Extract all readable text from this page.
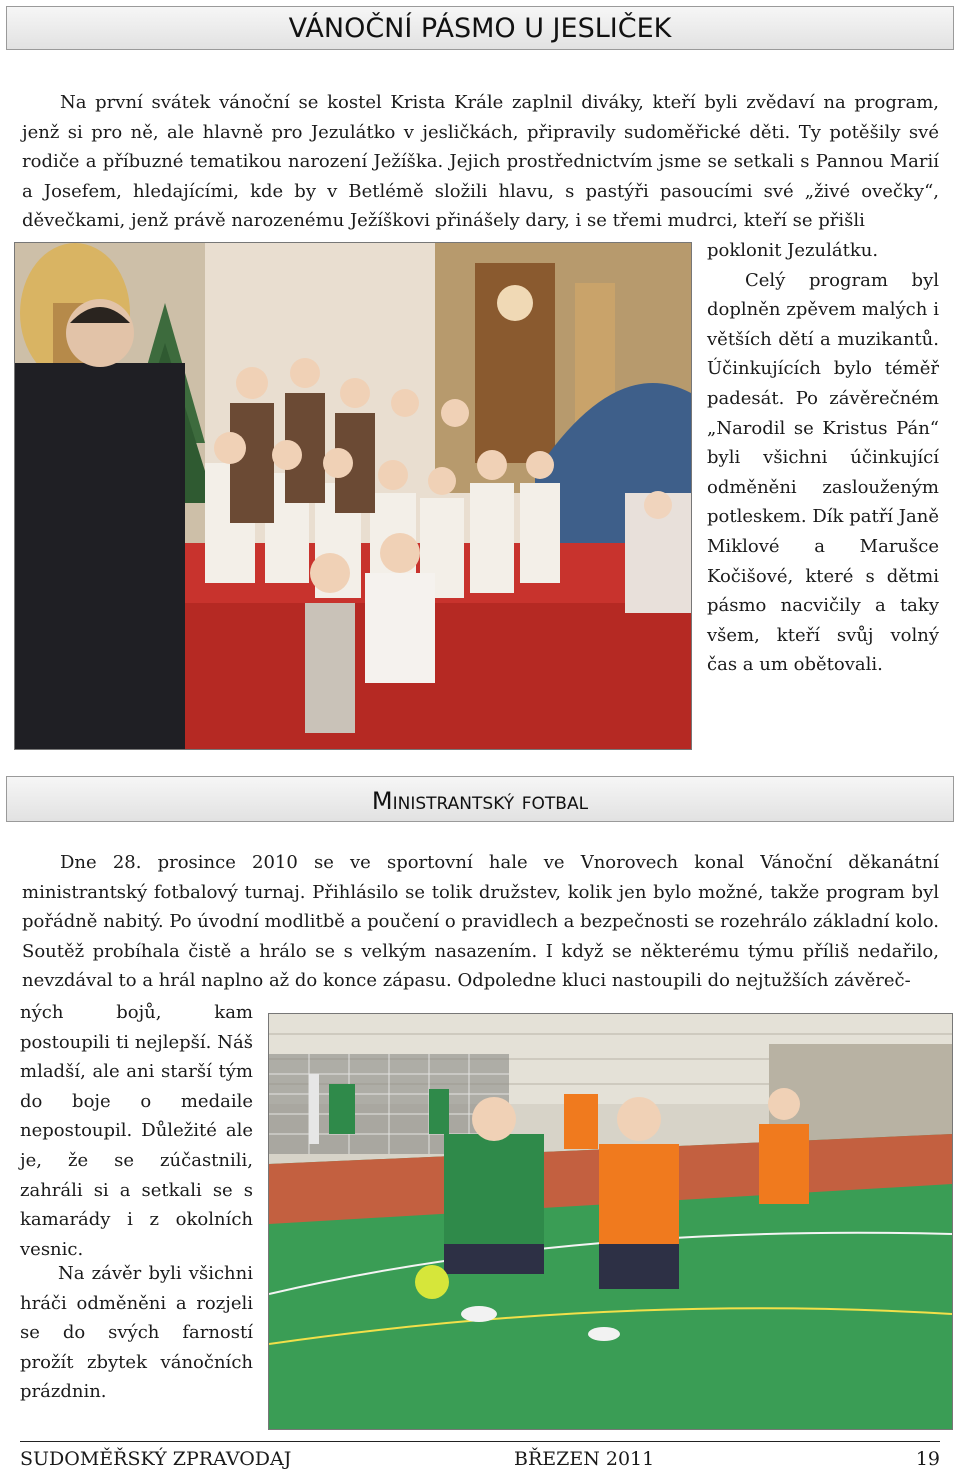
VÁNOČNÍ PÁSMO U JESLIČEK

Na první svátek vánoční se kostel Krista Krále zaplnil diváky, kteří byli zvědaví na program, jenž si pro ně, ale hlavně pro Jezulátko v jesličkách, připravily sudoměřické děti. Ty potěšily své rodiče a příbuzné tematikou narození Ježíška. Jejich prostřednictvím jsme se setkali s Pannou Marií a Josefem, hledajícími, kde by v Betlémě složili hlavu, s pastýři pasoucími své „živé ovečky“, děvečkami, jenž právě narozenému Ježíškovi přinášely dary, i se třemi mudrci, kteří se přišli

poklonit Jezulátku.
Celý program byl doplněn zpěvem malých i větších dětí a muzikantů. Účinkujících bylo téměř padesát. Po závěrečném „Narodil se Kristus Pán“ byli všichni účinkující odměněni zaslouženým potleskem. Dík patří Janě Miklové a Marušce Kočišové, které s dětmi pásmo nacvičily a taky všem, kteří svůj volný čas a um obětovali.
Ministrantský fotbal

Dne 28. prosince 2010 se ve sportovní hale ve Vnorovech konal Vánoční děkanátní ministrantský fotbalový turnaj. Přihlásilo se tolik družstev, kolik jen bylo možné, takže program byl pořádně nabitý. Po úvodní modlitbě a poučení o pravidlech a bezpečnosti se rozehrálo základní kolo. Soutěž probíhala čistě a hrálo se s velkým nasazením. I když se některému týmu příliš nedařilo, nevzdával to a hrál naplno až do konce zápasu. Odpoledne kluci nastoupili do nejtužších závěreč-

ných bojů, kam postoupili ti nejlepší. Náš mladší, ale ani starší tým do boje o medaile nepostoupil. Důležité ale je, že se zúčastnili, zahráli si a setkali se s kamarády i z okolních vesnic.

Na závěr byli všichni hráči odměněni a rozjeli se do svých farností prožít zbytek vánočních prázdnin.

SUDOMĚŘSKÝ ZPRAVODAJ	BŘEZEN 2011	19
